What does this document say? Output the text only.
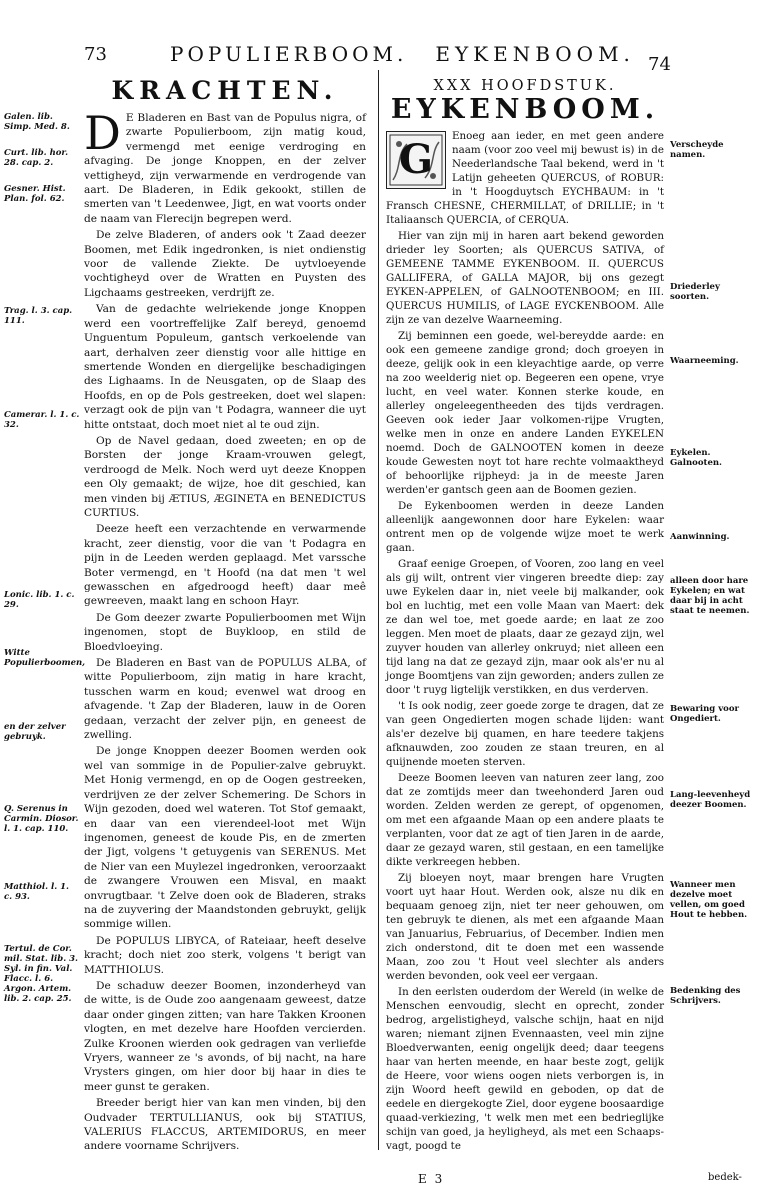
73	POPULIERBOOM. EYKENBOOM. 74
KRACHTEN.

D E Bladeren en Bast van de Populus nigra, of zwarte Populierboom, zijn matig koud, vermengd met eenige verdroging en afvaging. De jonge Knoppen, en der zelver vettigheyd, zijn verwarmende en verdrogende van aart. De Bladeren, in Edik gekookt, stillen de smerten van 't Leedenwee, Jigt, en wat voorts onder de naam van Flerecijn begrepen werd.

De zelve Bladeren, of anders ook 't Zaad deezer Boomen, met Edik ingedronken, is niet ondienstig voor de vallende Ziekte. De uytvloeyende vochtigheyd over de Wratten en Puysten des Ligchaams gestreeken, verdrijft ze.

Van de gedachte welriekende jonge Knoppen werd een voortreffelijke Zalf bereyd, genoemd Unguentum Populeum, gantsch verkoelende van aart, derhalven zeer dienstig voor alle hittige en smertende Wonden en diergelijke beschadigingen des Lighaams. In de Neusgaten, op de Slaap des Hoofds, en op de Pols gestreeken, doet wel slapen: verzagt ook de pijn van 't Podagra, wanneer die uyt hitte ontstaat, doch moet niet al te oud zijn.

Op de Navel gedaan, doed zweeten; en op de Borsten der jonge Kraam-vrouwen gelegt, verdroogd de Melk. Noch werd uyt deeze Knoppen een Oly gemaakt; de wijze, hoe dit geschied, kan men vinden bij ÆTIUS, ÆGINETA en BENEDICTUS CURTIUS.

Deeze heeft een verzachtende en verwarmende kracht, zeer dienstig, voor die van 't Podagra en pijn in de Leeden werden geplaagd. Met varssche Boter vermengd, en 't Hoofd (na dat men 't wel gewasschen en afgedroogd heeft) daar meê gewreeven, maakt lang en schoon Hayr.

De Gom deezer zwarte Populierboomen met Wijn ingenomen, stopt de Buykloop, en stild de Bloedvloeying.

De Bladeren en Bast van de POPULUS ALBA, of witte Populierboom, zijn matig in hare kracht, tusschen warm en koud; evenwel wat droog en afvagende. 't Zap der Bladeren, lauw in de Ooren gedaan, verzacht der zelver pijn, en geneest de zwelling.

De jonge Knoppen deezer Boomen werden ook wel van sommige in de Populier-zalve gebruykt. Met Honig vermengd, en op de Oogen gestreeken, verdrijven ze der zelver Schemering. De Schors in Wijn gezoden, doed wel wateren. Tot Stof gemaakt, en daar van een vierendeel-loot met Wijn ingenomen, geneest de koude Pis, en de zmerten der Jigt, volgens 't getuygenis van SERENUS. Met de Nier van een Muylezel ingedronken, veroorzaakt de zwangere Vrouwen een Misval, en maakt onvrugtbaar. 't Zelve doen ook de Bladeren, straks na de zuyvering der Maandstonden gebruykt, gelijk sommige willen.

De POPULUS LIBYCA, of Rateiaar, heeft deselve kracht; doch niet zoo sterk, volgens 't berigt van MATTHIOLUS.

De schaduw deezer Boomen, inzonderheyd van de witte, is de Oude zoo aangenaam geweest, datze daar onder gingen zitten; van hare Takken Kroonen vlogten, en met dezelve hare Hoofden vercierden. Zulke Kroonen wierden ook gedragen van verliefde Vryers, wanneer ze 's avonds, of bij nacht, na hare Vrysters gingen, om hier door bij haar in dies te meer gunst te geraken.

Breeder berigt hier van kan men vinden, bij den Oudvader TERTULLIANUS, ook bij STATIUS, VALERIUS FLACCUS, ARTEMIDORUS, en meer andere voorname Schrijvers.

Galen. lib. Simp. Med. 8.
Curt. lib. hor. 28. cap. 2.
Gesner. Hist. Plan. fol. 62.
Trag. l. 3. cap. 111.
Camerar. l. 1. c. 32.
Lonic. lib. 1. c. 29.
Witte Populierboomen,
en der zelver gebruyk.
Q. Serenus in Carmin. Diosor. l. 1. cap. 110.
Matthiol. l. 1. c. 93.
Tertul. de Cor. mil. Stat. lib. 3. Syl. in fin. Val. Flacc. l. 6. Argon. Artem. lib. 2. cap. 25.
XXX HOOFDSTUK.
EYKENBOOM.

G	Enoeg aan ieder, en met geen andere naam (voor zoo veel mij bewust is) in de Neederlandsche Taal bekend, werd in 't Latijn geheeten QUERCUS, of ROBUR: in 't Hoogduytsch EYCHBAUM: in 't Fransch CHESNE, CHERMILLAT, of DRILLIE; in 't Italiaansch QUERCIA, of CERQUA.

Hier van zijn mij in haren aart bekend geworden drieder ley Soorten; als QUERCUS SATIVA, of GEMEENE TAMME EYKENBOOM. II. QUERCUS GALLIFERA, of GALLA MAJOR, bij ons gezegt EYKEN-APPELEN, of GALNOOTENBOOM; en III. QUERCUS HUMILIS, of LAGE EYCKENBOOM. Alle zijn ze van dezelve Waarneeming.

Zij beminnen een goede, wel-bereydde aarde: en ook een gemeene zandige grond; doch groeyen in deeze, gelijk ook in een kleyachtige aarde, op verre na zoo weelderig niet op. Begeeren een opene, vrye lucht, en veel water. Konnen sterke koude, en allerley ongeleegentheeden des tijds verdragen. Geeven ook ieder Jaar volkomen-rijpe Vrugten, welke men in onze en andere Landen EYKELEN noemd. Doch de GALNOOTEN komen in deeze koude Gewesten noyt tot hare rechte volmaaktheyd of behoorlijke rijpheyd: ja in de meeste Jaren werden'er gantsch geen aan de Boomen gezien.

De Eykenboomen werden in deeze Landen alleenlijk aangewonnen door hare Eykelen: waar ontrent men op de volgende wijze moet te werk gaan.

Graaf eenige Groepen, of Vooren, zoo lang en veel als gij wilt, ontrent vier vingeren breedte diep: zay uwe Eykelen daar in, niet veele bij malkander, ook bol en luchtig, met een volle Maan van Maert: dek ze dan wel toe, met goede aarde; en laat ze zoo leggen. Men moet de plaats, daar ze gezayd zijn, wel zuyver houden van allerley onkruyd; niet alleen een tijd lang na dat ze gezayd zijn, maar ook als'er nu al jonge Boomtjens van zijn geworden; anders zullen ze door 't ruyg ligtelijk verstikken, en dus verderven.

't Is ook nodig, zeer goede zorge te dragen, dat ze van geen Ongedierten mogen schade lijden: want als'er dezelve bij quamen, en hare teedere takjens afknauwden, zoo zouden ze staan treuren, en al quijnende moeten sterven.

Deeze Boomen leeven van naturen zeer lang, zoo dat ze zomtijds meer dan tweehonderd Jaren oud worden. Zelden werden ze gerept, of opgenomen, om met een afgaande Maan op een andere plaats te verplanten, voor dat ze agt of tien Jaren in de aarde, daar ze gezayd waren, stil gestaan, en een tamelijke dikte verkreegen hebben.

Zij bloeyen noyt, maar brengen hare Vrugten voort uyt haar Hout. Werden ook, alsze nu dik en bequaam genoeg zijn, niet ter neer gehouwen, om ten gebruyk te dienen, als met een afgaande Maan van Januarius, Februarius, of December. Indien men zich onderstond, dit te doen met een wassende Maan, zoo zou 't Hout veel slechter als anders werden bevonden, ook veel eer vergaan.

In den eerlsten ouderdom der Wereld (in welke de Menschen eenvoudig, slecht en oprecht, zonder bedrog, argelistigheyd, valsche schijn, haat en nijd waren; niemant zijnen Evennaasten, veel min zijne Bloedverwanten, eenig ongelijk deed; daar teegens haar van herten meende, en haar beste zogt, gelijk de Heere, voor wiens oogen niets verborgen is, in zijn Woord heeft gewild en geboden, op dat de eedele en diergekogte Ziel, door eygene boosaardige quaad-verkiezing, 't welk men met een bedrieglijke schijn van goed, ja heyligheyd, als met een Schaaps-vagt, poogd te

Verscheyde namen.
Driederley soorten.
Waarneeming.
Eykelen. Galnooten.
Aanwinning.
alleen door hare Eykelen; en wat daar bij in acht staat te neemen.
Bewaring voor Ongediert.
Lang-leevenheyd deezer Boomen.
Wanneer men dezelve moet vellen, om goed Hout te hebben.
Bedenking des Schrijvers.
E 3	bedek-
